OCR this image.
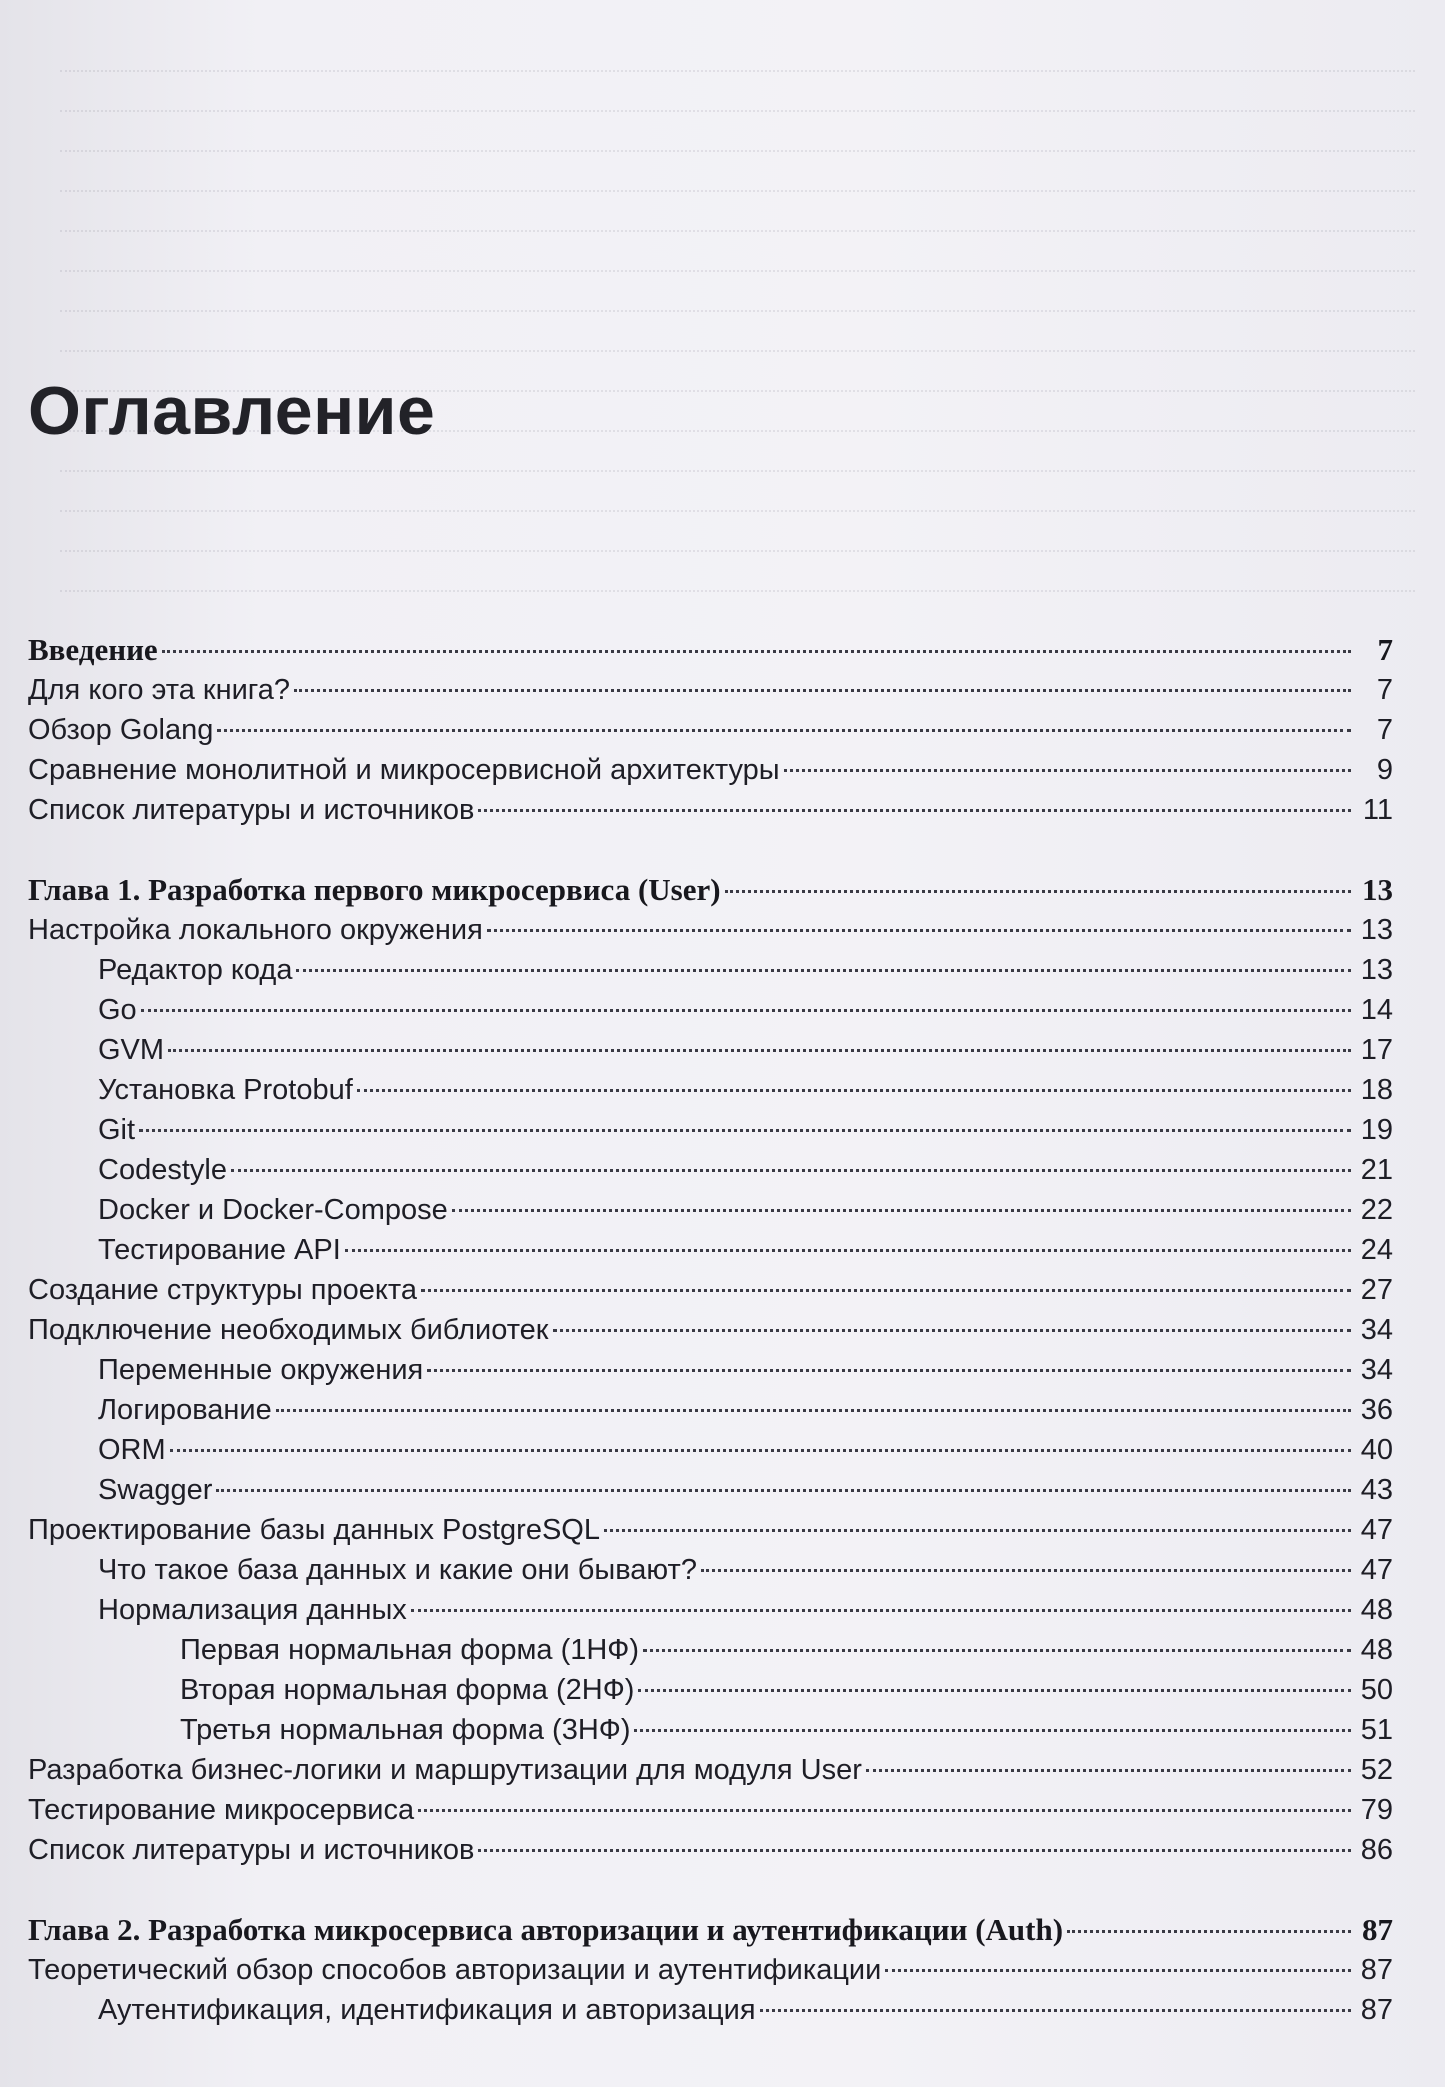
Оглавление
Введение	7
Для кого эта книга?	7
Обзор Golang	7
Сравнение монолитной и микросервисной архитектуры	9
Список литературы и источников	11
Глава 1. Разработка первого микросервиса (User)	13
Настройка локального окружения	13
Редактор кода	13
Go	14
GVM	17
Установка Protobuf	18
Git	19
Codestyle	21
Docker и Docker-Compose	22
Тестирование API	24
Создание структуры проекта	27
Подключение необходимых библиотек	34
Переменные окружения	34
Логирование	36
ORM	40
Swagger	43
Проектирование базы данных PostgreSQL	47
Что такое база данных и какие они бывают?	47
Нормализация данных	48
Первая нормальная форма (1НФ)	48
Вторая нормальная форма (2НФ)	50
Третья нормальная форма (3НФ)	51
Разработка бизнес-логики и маршрутизации для модуля User	52
Тестирование микросервиса	79
Список литературы и источников	86
Глава 2. Разработка микросервиса авторизации и аутентификации (Auth)	87
Теоретический обзор способов авторизации и аутентификации	87
Аутентификация, идентификация и авторизация	87
